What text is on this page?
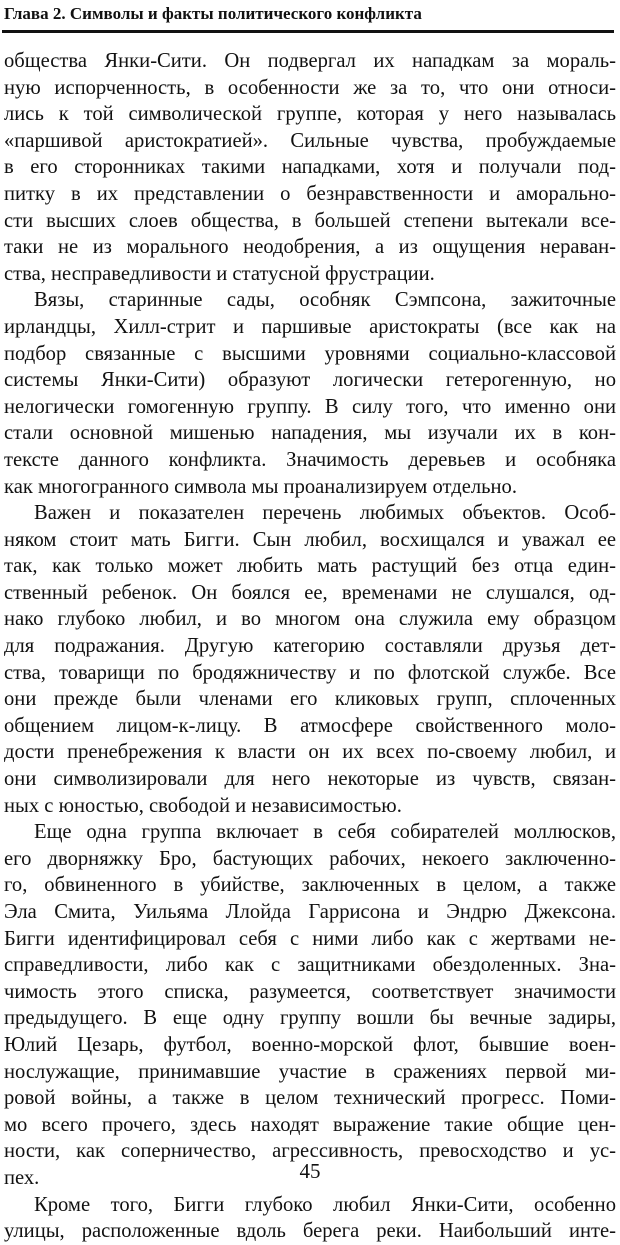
Глава 2. Символы и факты политического конфликта
общества Янки-Сити. Он подвергал их нападкам за мораль-
ную испорченность, в особенности же за то, что они относи-
лись к той символической группе, которая у него называлась
«паршивой аристократией». Сильные чувства, пробуждаемые
в его сторонниках такими нападками, хотя и получали под-
питку в их представлении о безнравственности и аморально-
сти высших слоев общества, в большей степени вытекали все-
таки не из морального неодобрения, а из ощущения нераван-
ства, несправедливости и статусной фрустрации.
Вязы, старинные сады, особняк Сэмпсона, зажиточные
ирландцы, Хилл-стрит и паршивые аристократы (все как на
подбор связанные с высшими уровнями социально-классовой
системы Янки-Сити) образуют логически гетерогенную, но
нелогически гомогенную группу. В силу того, что именно они
стали основной мишенью нападения, мы изучали их в кон-
тексте данного конфликта. Значимость деревьев и особняка
как многогранного символа мы проанализируем отдельно.
Важен и показателен перечень любимых объектов. Особ-
няком стоит мать Бигги. Сын любил, восхищался и уважал ее
так, как только может любить мать растущий без отца един-
ственный ребенок. Он боялся ее, временами не слушался, од-
нако глубоко любил, и во многом она служила ему образцом
для подражания. Другую категорию составляли друзья дет-
ства, товарищи по бродяжничеству и по флотской службе. Все
они прежде были членами его кликовых групп, сплоченных
общением лицом-к-лицу. В атмосфере свойственного моло-
дости пренебрежения к власти он их всех по-своему любил, и
они символизировали для него некоторые из чувств, связан-
ных с юностью, свободой и независимостью.
Еще одна группа включает в себя собирателей моллюсков,
его дворняжку Бро, бастующих рабочих, некоего заключенно-
го, обвиненного в убийстве, заключенных в целом, а также
Эла Смита, Уильяма Ллойда Гаррисона и Эндрю Джексона.
Бигги идентифицировал себя с ними либо как с жертвами не-
справедливости, либо как с защитниками обездоленных. Зна-
чимость этого списка, разумеется, соответствует значимости
предыдущего. В еще одну группу вошли бы вечные задиры,
Юлий Цезарь, футбол, военно-морской флот, бывшие воен-
нослужащие, принимавшие участие в сражениях первой ми-
ровой войны, а также в целом технический прогресс. Поми-
мо всего прочего, здесь находят выражение такие общие цен-
ности, как соперничество, агрессивность, превосходство и ус-
пех.
Кроме того, Бигги глубоко любил Янки-Сити, особенно
улицы, расположенные вдоль берега реки. Наибольший инте-
45
